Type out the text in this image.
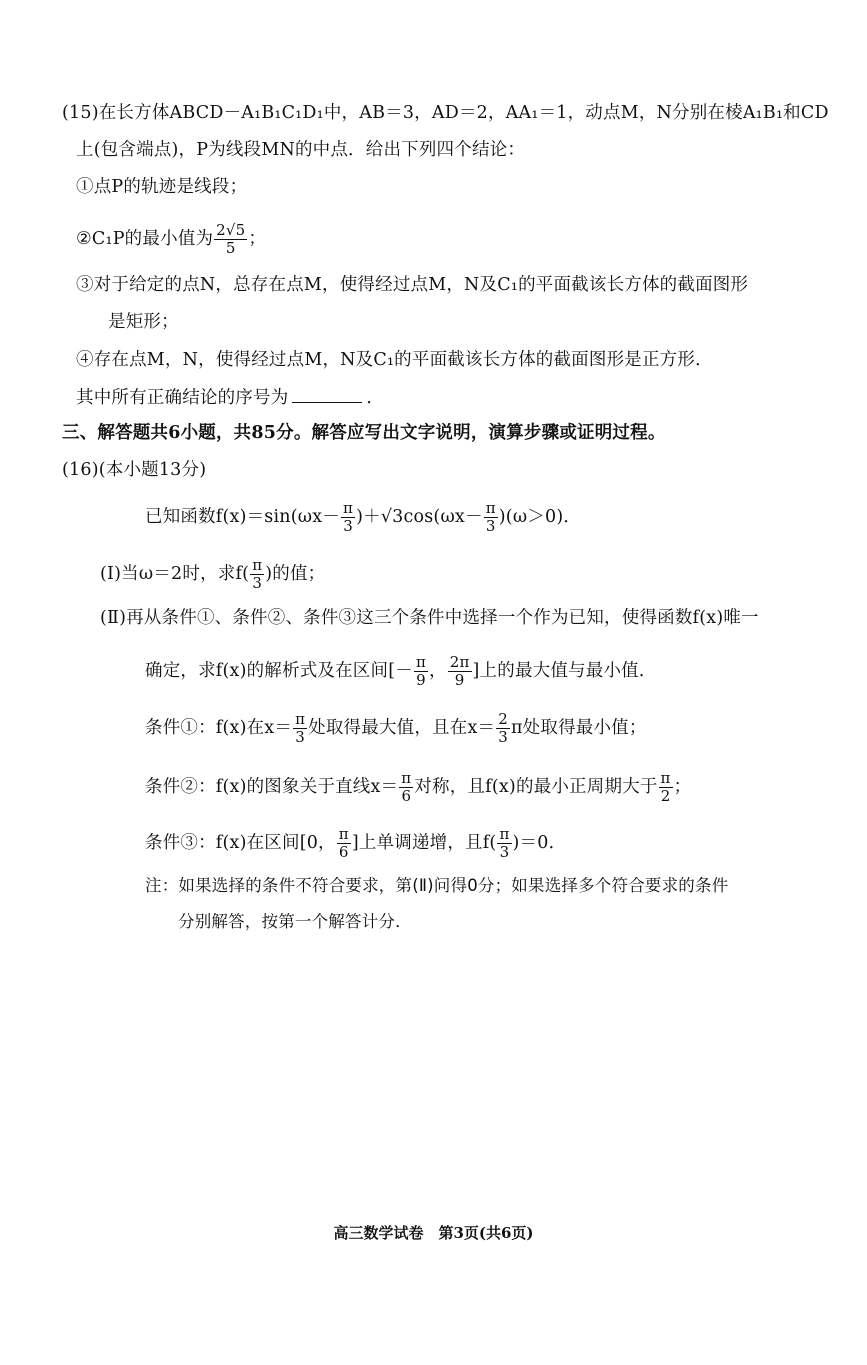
(15)在长方体ABCD－A₁B₁C₁D₁中，AB＝3，AD＝2，AA₁＝1，动点M，N分别在棱A₁B₁和CD
上(包含端点)，P为线段MN的中点．给出下列四个结论：
①点P的轨迹是线段；
②C₁P的最小值为 $\frac{2√5}{5}$ ；
③对于给定的点N，总存在点M，使得经过点M，N及C₁的平面截该长方体的截面图形
是矩形；
④存在点M，N，使得经过点M，N及C₁的平面截该长方体的截面图形是正方形．
其中所有正确结论的序号为	．
三、解答题共6小题，共85分。解答应写出文字说明，演算步骤或证明过程。
(16)(本小题13分)
已知函数$f(x)=\sin(\omega x- \frac{\pi}{3} )+√3\cos(\omega x- \frac{\pi}{3} )(\omega>0)$．
(Ⅰ)当ω＝2时，求$f( \frac{\pi}{3}$ )的值；
(Ⅱ)再从条件①、条件②、条件③这三个条件中选择一个作为已知，使得函数f(x)唯一
确定，求f(x)的解析式及在区间[－ $\frac{\pi}{9}$ ， $\frac{2\pi}{9}$ ]上的最大值与最小值．
条件①：f(x)在$x= \frac{\pi}{3}$ 处取得最大值，且在$x= \frac{2}{3}$ π处取得最小值；
条件②：f(x)的图象关于直线$x= \frac{\pi}{6}$ 对称，且f(x)的最小正周期大于 $\frac{\pi}{2}$ ；
条件③：f(x)在区间[0， $\frac{\pi}{6}$ ]上单调递增，且$f( \frac{\pi}{3} )=0$．
注：如果选择的条件不符合要求，第(Ⅱ)问得0分；如果选择多个符合要求的条件
分别解答，按第一个解答计分．
高三数学试卷　第3页(共6页)
